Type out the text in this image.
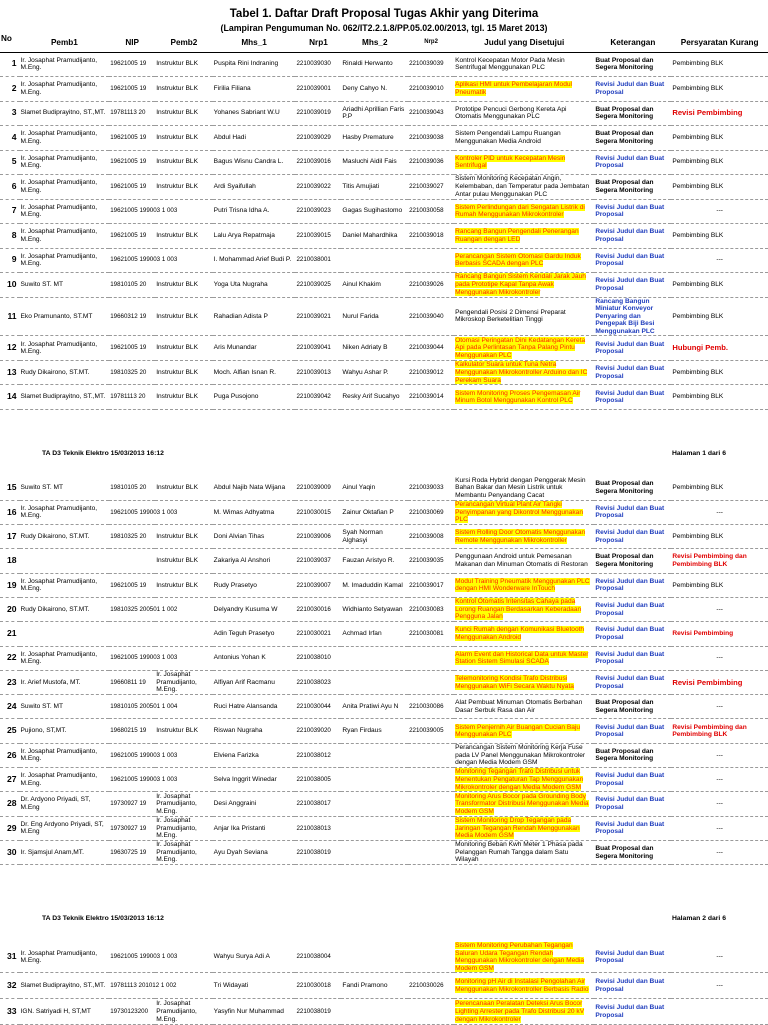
Tabel 1. Daftar Draft Proposal Tugas Akhir yang Diterima
(Lampiran Pengumuman No. 062/IT2.2.1.8/PP.05.02.00/2013, tgl. 15 Maret 2013)
No	Pemb1	NIP	Pemb2	Mhs_1	Nrp1	Mhs_2	Nrp2	Judul yang Disetujui	Keterangan	Persyaratan Kurang
1	Ir. Josaphat Pramudijanto, M.Eng.	19621005 19	Instruktur BLK	Puspita Rini Indraning	2210039030	Rinaldi Herwanto	2210039039	Kontrol Kecepatan Motor Pada Mesin Sentrifugal Menggunakan PLC	Buat Proposal dan Segera Monitoring	Pembimbing BLK
2	Ir. Josaphat Pramudijanto, M.Eng.	19621005 19	Instruktur BLK	Firilia Filiana	2210039001	Deny Cahyo N.	2210039010	Aplikasi HMI untuk Pembelajaran Modul Pneumatik	Revisi Judul dan Buat Proposal	Pembimbing BLK
3	Slamet Budiprayitno, ST.,MT.	19781113 20	Instruktur BLK	Yohanes Sabriant W.U	2210039019	Ariadhi Aprillian Faris P.P	2210039043	Prototipe Pencuci Gerbong Kereta Api Otomatis Menggunakan PLC	Buat Proposal dan Segera Monitoring	Revisi Pembimbing
4	Ir. Josaphat Pramudijanto, M.Eng.	19621005 19	Instruktur BLK	Abdul Hadi	2210039029	Hasby Premature	2210039038	Sistem Pengendali Lampu Ruangan Menggunakan Media Android	Buat Proposal dan Segera Monitoring	Pembimbing BLK
5	Ir. Josaphat Pramudijanto, M.Eng.	19621005 19	Instruktur BLK	Bagus Wisnu Candra L.	2210039016	Masluchi Aidil Fais	2210039036	Kontroler PID untuk Kecepatan Mesin Sentrifugal	Revisi Judul dan Buat Proposal	Pembimbing BLK
6	Ir. Josaphat Pramudijanto, M.Eng.	19621005 19	Instruktur BLK	Ardi Syaifullah	2210039022	Titis Amujiati	2210039027	Sistem Monitoring Kecepatan Angin, Kelembaban, dan Temperatur pada Jembatan Antar pulau Menggunakan PLC	Buat Proposal dan Segera Monitoring	Pembimbing BLK
7	Ir. Josaphat Pramudijanto, M.Eng.	19621005 199003 1 003		Putri Trisna Idha A.	2210039023	Gagas Sugihastomo	2210030058	Sistem Perlindungan dari Sengatan Listrik di Rumah Menggunakan Mikrokontroler	Revisi Judul dan Buat Proposal	---
8	Ir. Josaphat Pramudijanto, M.Eng.	19621005 19	Instruktur BLK	Lalu Arya Repatmaja	2210039015	Daniel Mahardhika	2210039018	Rancang Bangun Pengendali Penerangan Ruangan dengan LED	Revisi Judul dan Buat Proposal	Pembimbing BLK
9	Ir. Josaphat Pramudijanto, M.Eng.	19621005 199003 1 003		I. Mohammad Arief Budi P.	2210038001			Perancangan Sistem Otomasi Gardu Induk Berbasis SCADA dengan PLC	Revisi Judul dan Buat Proposal	---
10	Suwito ST. MT	19810105 20	Instruktur BLK	Yoga Uta Nugraha	2210039025	Ainul Khakim	2210039026	Rancang Bangun Sistem Kendali Jarak Jauh pada Prototipe Kapal Tanpa Awak Menggunakan Mikrokontroler	Revisi Judul dan Buat Proposal	Pembimbing BLK
11	Eko Pramunanto, ST.MT	19660312 19	Instruktur BLK	Rahadian Adista P	2210039021	Nurul Farida	2210039040	Pengendali Posisi 2 Dimensi Preparat Mikroskop Berketelitian Tinggi	Rancang Bangun Miniatur Konveyor Penyaring dan Pengepak Biji Besi Menggunakan PLC	Pembimbing BLK
12	Ir. Josaphat Pramudijanto, M.Eng.	19621005 19	Instruktur BLK	Aris Munandar	2210039041	Niken Adriaty B	2210039044	Otomasi Peringatan Dini Kedatangan Kereta Api pada Perlintasan Tanpa Palang Pintu Menggunakan PLC	Revisi Judul dan Buat Proposal	Hubungi Pemb.
13	Rudy Dikairono, ST.MT.	19810325 20	Instruktur BLK	Moch. Alfian Isnan R.	2210039013	Wahyu Ashar P.	2210039012	Kalkulator Suara untuk Tuna Netra Menggunakan Mikrokontroller Arduino dan IC Perekam Suara	Revisi Judul dan Buat Proposal	Pembimbing BLK
14	Slamet Budiprayitno, ST.,MT.	19781113 20	Instruktur BLK	Puga Pusojono	2210039042	Resky Arif Sucahyo	2210039014	Sistem Monitoring Proses Pengemasan Air Minum Botol Menggunakan Kontrol PLC	Revisi Judul dan Buat Proposal	Pembimbing BLK
TA D3 Teknik Elektro 15/03/2013 16:12	Halaman 1 dari 6
15	Suwito ST. MT	19810105 20	Instruktur BLK	Abdul Najib Nata Wijana	2210039009	Ainul Yaqin	2210039033	Kursi Roda Hybrid dengan Penggerak Mesin Bahan Bakar dan Mesin Listrik untuk Membantu Penyandang Cacat	Buat Proposal dan Segera Monitoring	Pembimbing BLK
16	Ir. Josaphat Pramudijanto, M.Eng.	19621005 199003 1 003		M. Wimas Adhyatma	2210030015	Zainur Oktafian P	2210030069	Perancangan Virtual Plant Air Tangki Penyimpanan yang Dikontrol Menggunakan PLC	Revisi Judul dan Buat Proposal	---
17	Rudy Dikairono, ST.MT.	19810325 20	Instruktur BLK	Doni Alvian Tihas	2210039006	Syah Norman Alghasyi	2210039008	Sistem Rolling Door Otomatis Menggunakan Remote Menggunakan Mikrokontroller	Revisi Judul dan Buat Proposal	Pembimbing BLK
18			Instruktur BLK	Zakariya Al Anshori	2210039037	Fauzan Aristyo R.	2210039035	Penggunaan Android untuk Pemesanan Makanan dan Minuman Otomatis di Restoran	Buat Proposal dan Segera Monitoring	Revisi Pembimbing dan Pembimbing BLK
19	Ir. Josaphat Pramudijanto, M.Eng.	19621005 19	Instruktur BLK	Rudy Prasetyo	2210039007	M. Imaduddin Kamal	2210039017	Modul Training Pneumatik Menggunakan PLC dengan HMI Wonderware InTouch	Revisi Judul dan Buat Proposal	Pembimbing BLK
20	Rudy Dikairono, ST.MT.	19810325 200501 1 002		Delyandry Kusuma W	2210030016	Widhianto Setyawan	2210030083	Kontrol Otomatis Intensitas Cahaya pada Lorong Ruangan Berdasarkan Keberadaan Pengguna Jalan	Revisi Judul dan Buat Proposal	---
21				Adin Teguh Prasetyo	2210030021	Achmad Irfan	2210030081	Kunci Rumah dengan Komunikasi Bluetooth Menggunakan Android	Revisi Judul dan Buat Proposal	Revisi Pembimbing
22	Ir. Josaphat Pramudijanto, M.Eng.	19621005 199003 1 003		Antonius Yohan K	2210038010			Alarm Event dan Historical Data untuk Master Station Sistem Simulasi SCADA	Revisi Judul dan Buat Proposal	---
23	Ir. Arief Mustofa, MT.	19660811 19	Ir. Josaphat Pramudijanto, M.Eng.	Alfiyan Arif Racmanu	2210038023			Telemonitoring Kondisi Trafo Distribusi Menggunakan WiFi Secara Waktu Nyata	Revisi Judul dan Buat Proposal	Revisi Pembimbing
24	Suwito ST. MT	19810105 200501 1 004		Ruci Hatre Alansanda	2210030044	Anita Pratiwi Ayu N	2210030086	Alat Pembuat Minuman Otomatis Berbahan Dasar Serbuk Rasa dan Air	Buat Proposal dan Segera Monitoring	---
25	Pujiono, ST,MT.	19680215 19	Instruktur BLK	Riswan Nugraha	2210039020	Ryan Firdaus	2210039005	Sistem Penjernih Air Buangan Cucian Baju Menggunakan PLC	Revisi Judul dan Buat Proposal	Revisi Pembimbing dan Pembimbing BLK
26	Ir. Josaphat Pramudijanto, M.Eng.	19621005 199003 1 003		Elviena Farizka	2210038012			Perancangan Sistem Monitoring Kerja Fuse pada LV Panel Menggunakan Mikrokontroler dengan Media Modem GSM	Buat Proposal dan Segera Monitoring	---
27	Ir. Josaphat Pramudijanto, M.Eng.	19621005 199003 1 003		Selva Inggrit Winedar	2210038005			Monitoring Tegangan Trafo Distribusi untuk Menentukan Pengaturan Tap Menggunakan Mikrokontroler dengan Media Modem GSM	Revisi Judul dan Buat Proposal	---
28	Dr. Ardyono Priyadi, ST, M.Eng	19730927 19	Ir. Josaphat Pramudijanto, M.Eng.	Desi Anggraini	2210038017			Monitoring Arus Bocor pada Grounding Body Transformator Distribusi Menggunakan Media Modem GSM	Revisi Judul dan Buat Proposal	---
29	Dr. Eng Ardyono Priyadi, ST, M.Eng	19730927 19	Ir. Josaphat Pramudijanto, M.Eng.	Anjar Ika Pristanti	2210038013			Sistem Monitoring Drop Tegangan pada Jaringan Tegangan Rendah Menggunakan Media Modem GSM	Revisi Judul dan Buat Proposal	---
30	Ir. Sjamsjul Anam,MT.	19630725 19	Ir. Josaphat Pramudijanto, M.Eng.	Ayu Dyah Seviana	2210038019			Monitoring Beban Kwh Meter 1 Phasa pada Pelanggan Rumah Tangga dalam Satu Wilayah	Buat Proposal dan Segera Monitoring	---
TA D3 Teknik Elektro 15/03/2013 16:12	Halaman 2 dari 6
31	Ir. Josaphat Pramudijanto, M.Eng.	19621005 199003 1 003		Wahyu Surya Adi A	2210038004			Sistem Monitoring Perubahan Tegangan Saluran Udara Tegangan Rendah Menggunakan Mikrokontroler dengan Media Modem GSM	Revisi Judul dan Buat Proposal	---
32	Slamet Budiprayitno, ST.,MT.	19781113 201012 1 002		Tri Widayati	2210030018	Fandi Pramono	2210030026	Monitoring pH Air di Instalasi Pengolahan Air Menggunakan Mikrokontroller Berbasis Radio	Revisi Judul dan Buat Proposal	---
33	IGN. Satriyadi H, ST,MT	19730123200	Ir. Josaphat Pramudijanto, M.Eng.	Yasyfin Nur Muhammad	2210038019			Perencanaan Peralatan Deteksi Arus Bocor Lighting Arrester pada Trafo Distribusi 20 kV dengan Mikrokontroler	Revisi Judul dan Buat Proposal	
